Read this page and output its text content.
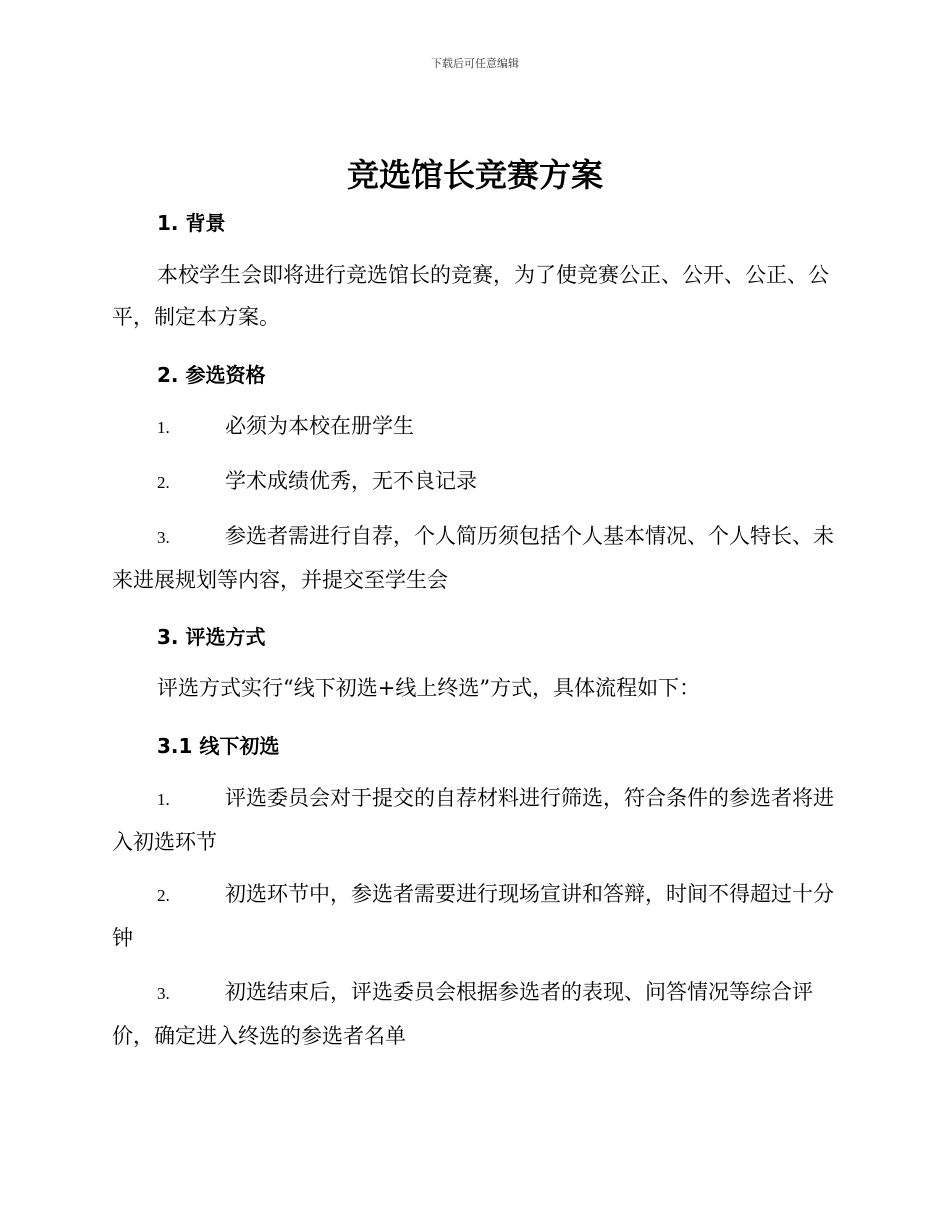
下载后可任意编辑
竞选馆长竞赛方案
1. 背景

本校学生会即将进行竞选馆长的竞赛，为了使竞赛公正、公开、公正、公平，制定本方案。

2. 参选资格

1.	必须为本校在册学生

2.	学术成绩优秀，无不良记录

3.	参选者需进行自荐，个人简历须包括个人基本情况、个人特长、未来进展规划等内容，并提交至学生会

3. 评选方式

评选方式实行“线下初选+线上终选”方式，具体流程如下：

3.1 线下初选

1.	评选委员会对于提交的自荐材料进行筛选，符合条件的参选者将进入初选环节

2.	初选环节中，参选者需要进行现场宣讲和答辩，时间不得超过十分钟

3.	初选结束后，评选委员会根据参选者的表现、问答情况等综合评价，确定进入终选的参选者名单
